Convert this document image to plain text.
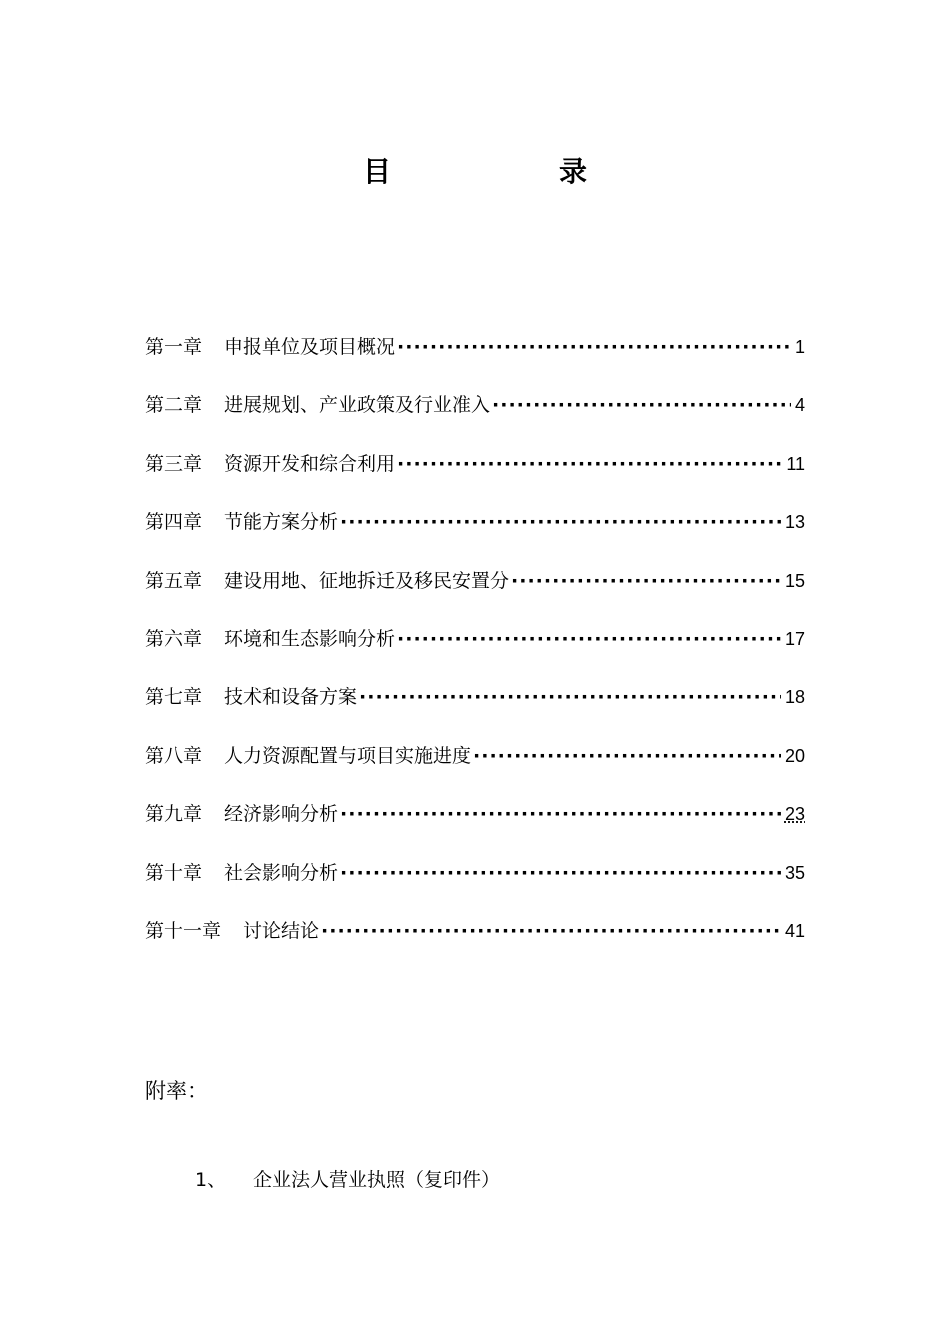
目　录
第一章 申报单位及项目概况 ·····	1
第二章 进展规划、产业政策及行业准入 ·····	4
第三章 资源开发和综合利用 ·····	11
第四章 节能方案分析 ·····	13
第五章 建设用地、征地拆迁及移民安置分 ·····	15
第六章 环境和生态影响分析 ·····	17
第七章 技术和设备方案 ·····	18
第八章 人力资源配置与项目实施进度 ·····	20
第九章 经济影响分析 ·····	23
第十章 社会影响分析 ·····	35
第十一章 讨论结论 ·····	41
附率：
1、 企业法人营业执照（复印件）
